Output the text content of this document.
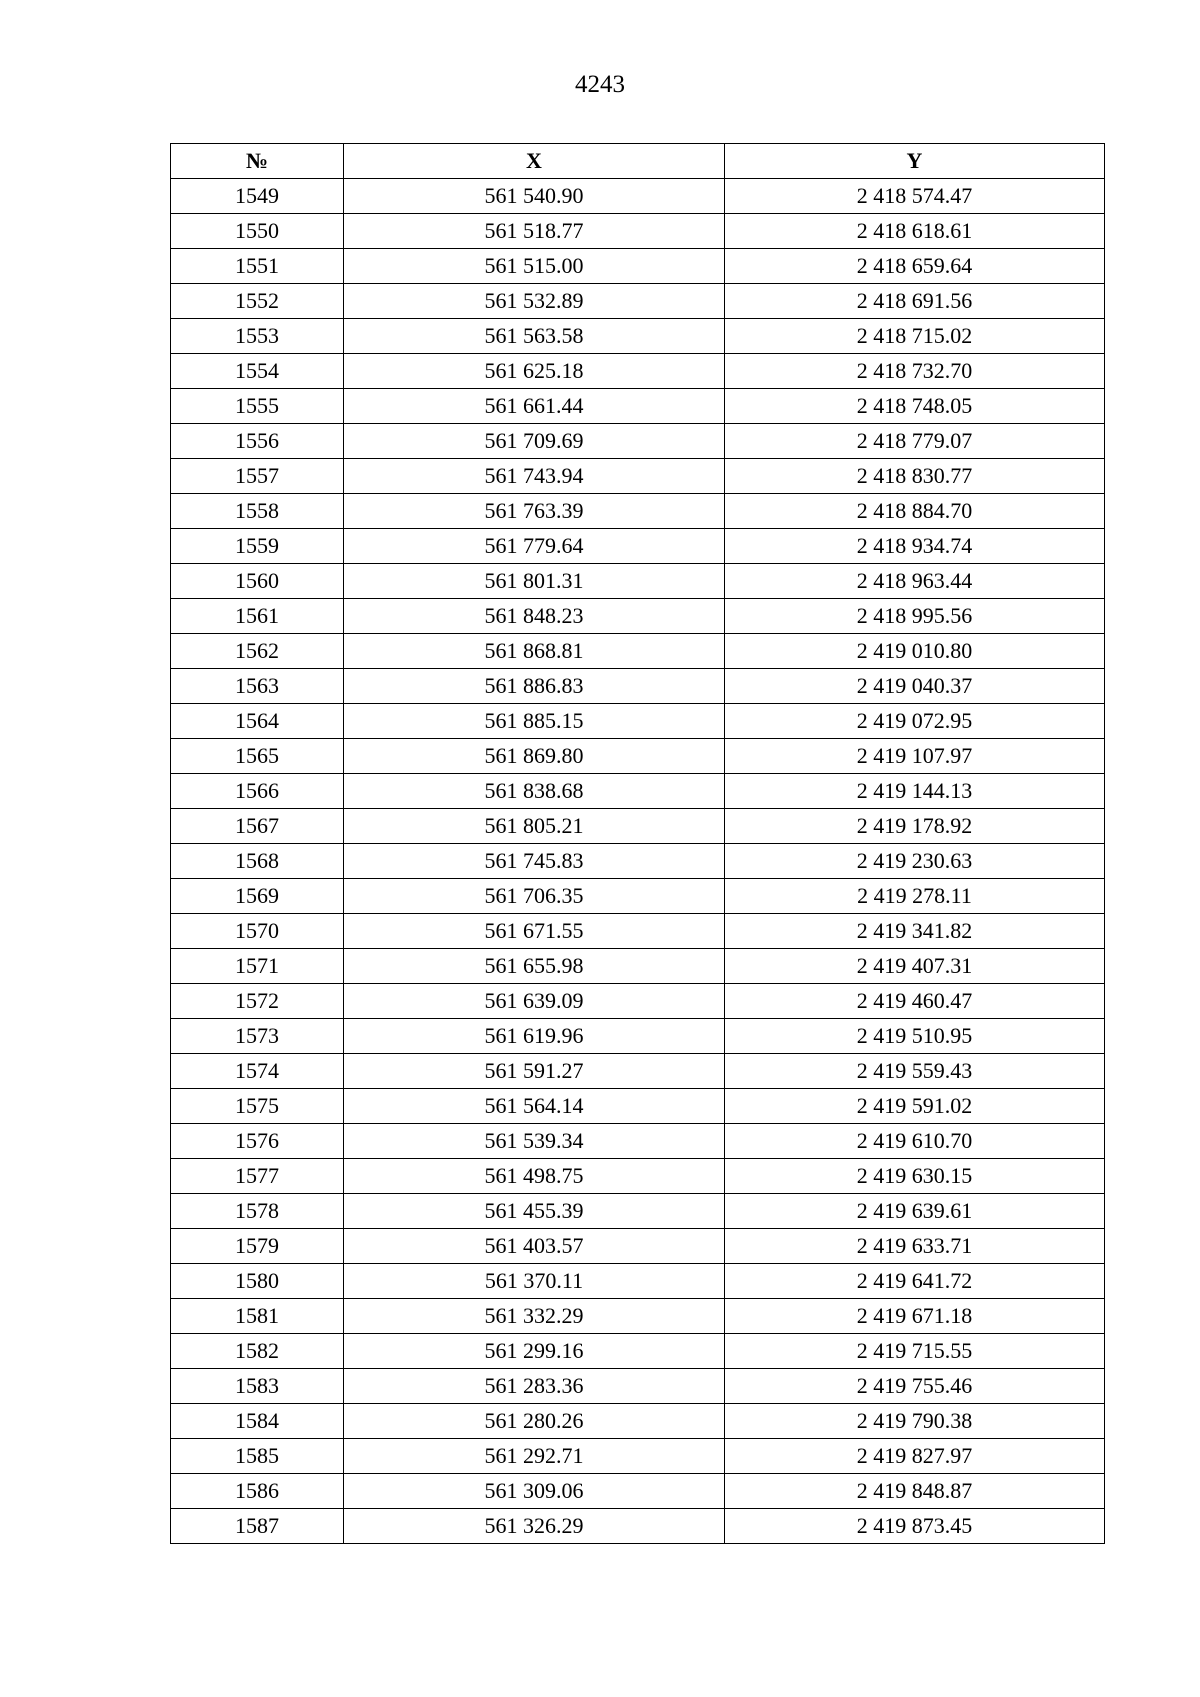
4243
№	X	Y
1549	561 540.90	2 418 574.47
1550	561 518.77	2 418 618.61
1551	561 515.00	2 418 659.64
1552	561 532.89	2 418 691.56
1553	561 563.58	2 418 715.02
1554	561 625.18	2 418 732.70
1555	561 661.44	2 418 748.05
1556	561 709.69	2 418 779.07
1557	561 743.94	2 418 830.77
1558	561 763.39	2 418 884.70
1559	561 779.64	2 418 934.74
1560	561 801.31	2 418 963.44
1561	561 848.23	2 418 995.56
1562	561 868.81	2 419 010.80
1563	561 886.83	2 419 040.37
1564	561 885.15	2 419 072.95
1565	561 869.80	2 419 107.97
1566	561 838.68	2 419 144.13
1567	561 805.21	2 419 178.92
1568	561 745.83	2 419 230.63
1569	561 706.35	2 419 278.11
1570	561 671.55	2 419 341.82
1571	561 655.98	2 419 407.31
1572	561 639.09	2 419 460.47
1573	561 619.96	2 419 510.95
1574	561 591.27	2 419 559.43
1575	561 564.14	2 419 591.02
1576	561 539.34	2 419 610.70
1577	561 498.75	2 419 630.15
1578	561 455.39	2 419 639.61
1579	561 403.57	2 419 633.71
1580	561 370.11	2 419 641.72
1581	561 332.29	2 419 671.18
1582	561 299.16	2 419 715.55
1583	561 283.36	2 419 755.46
1584	561 280.26	2 419 790.38
1585	561 292.71	2 419 827.97
1586	561 309.06	2 419 848.87
1587	561 326.29	2 419 873.45
